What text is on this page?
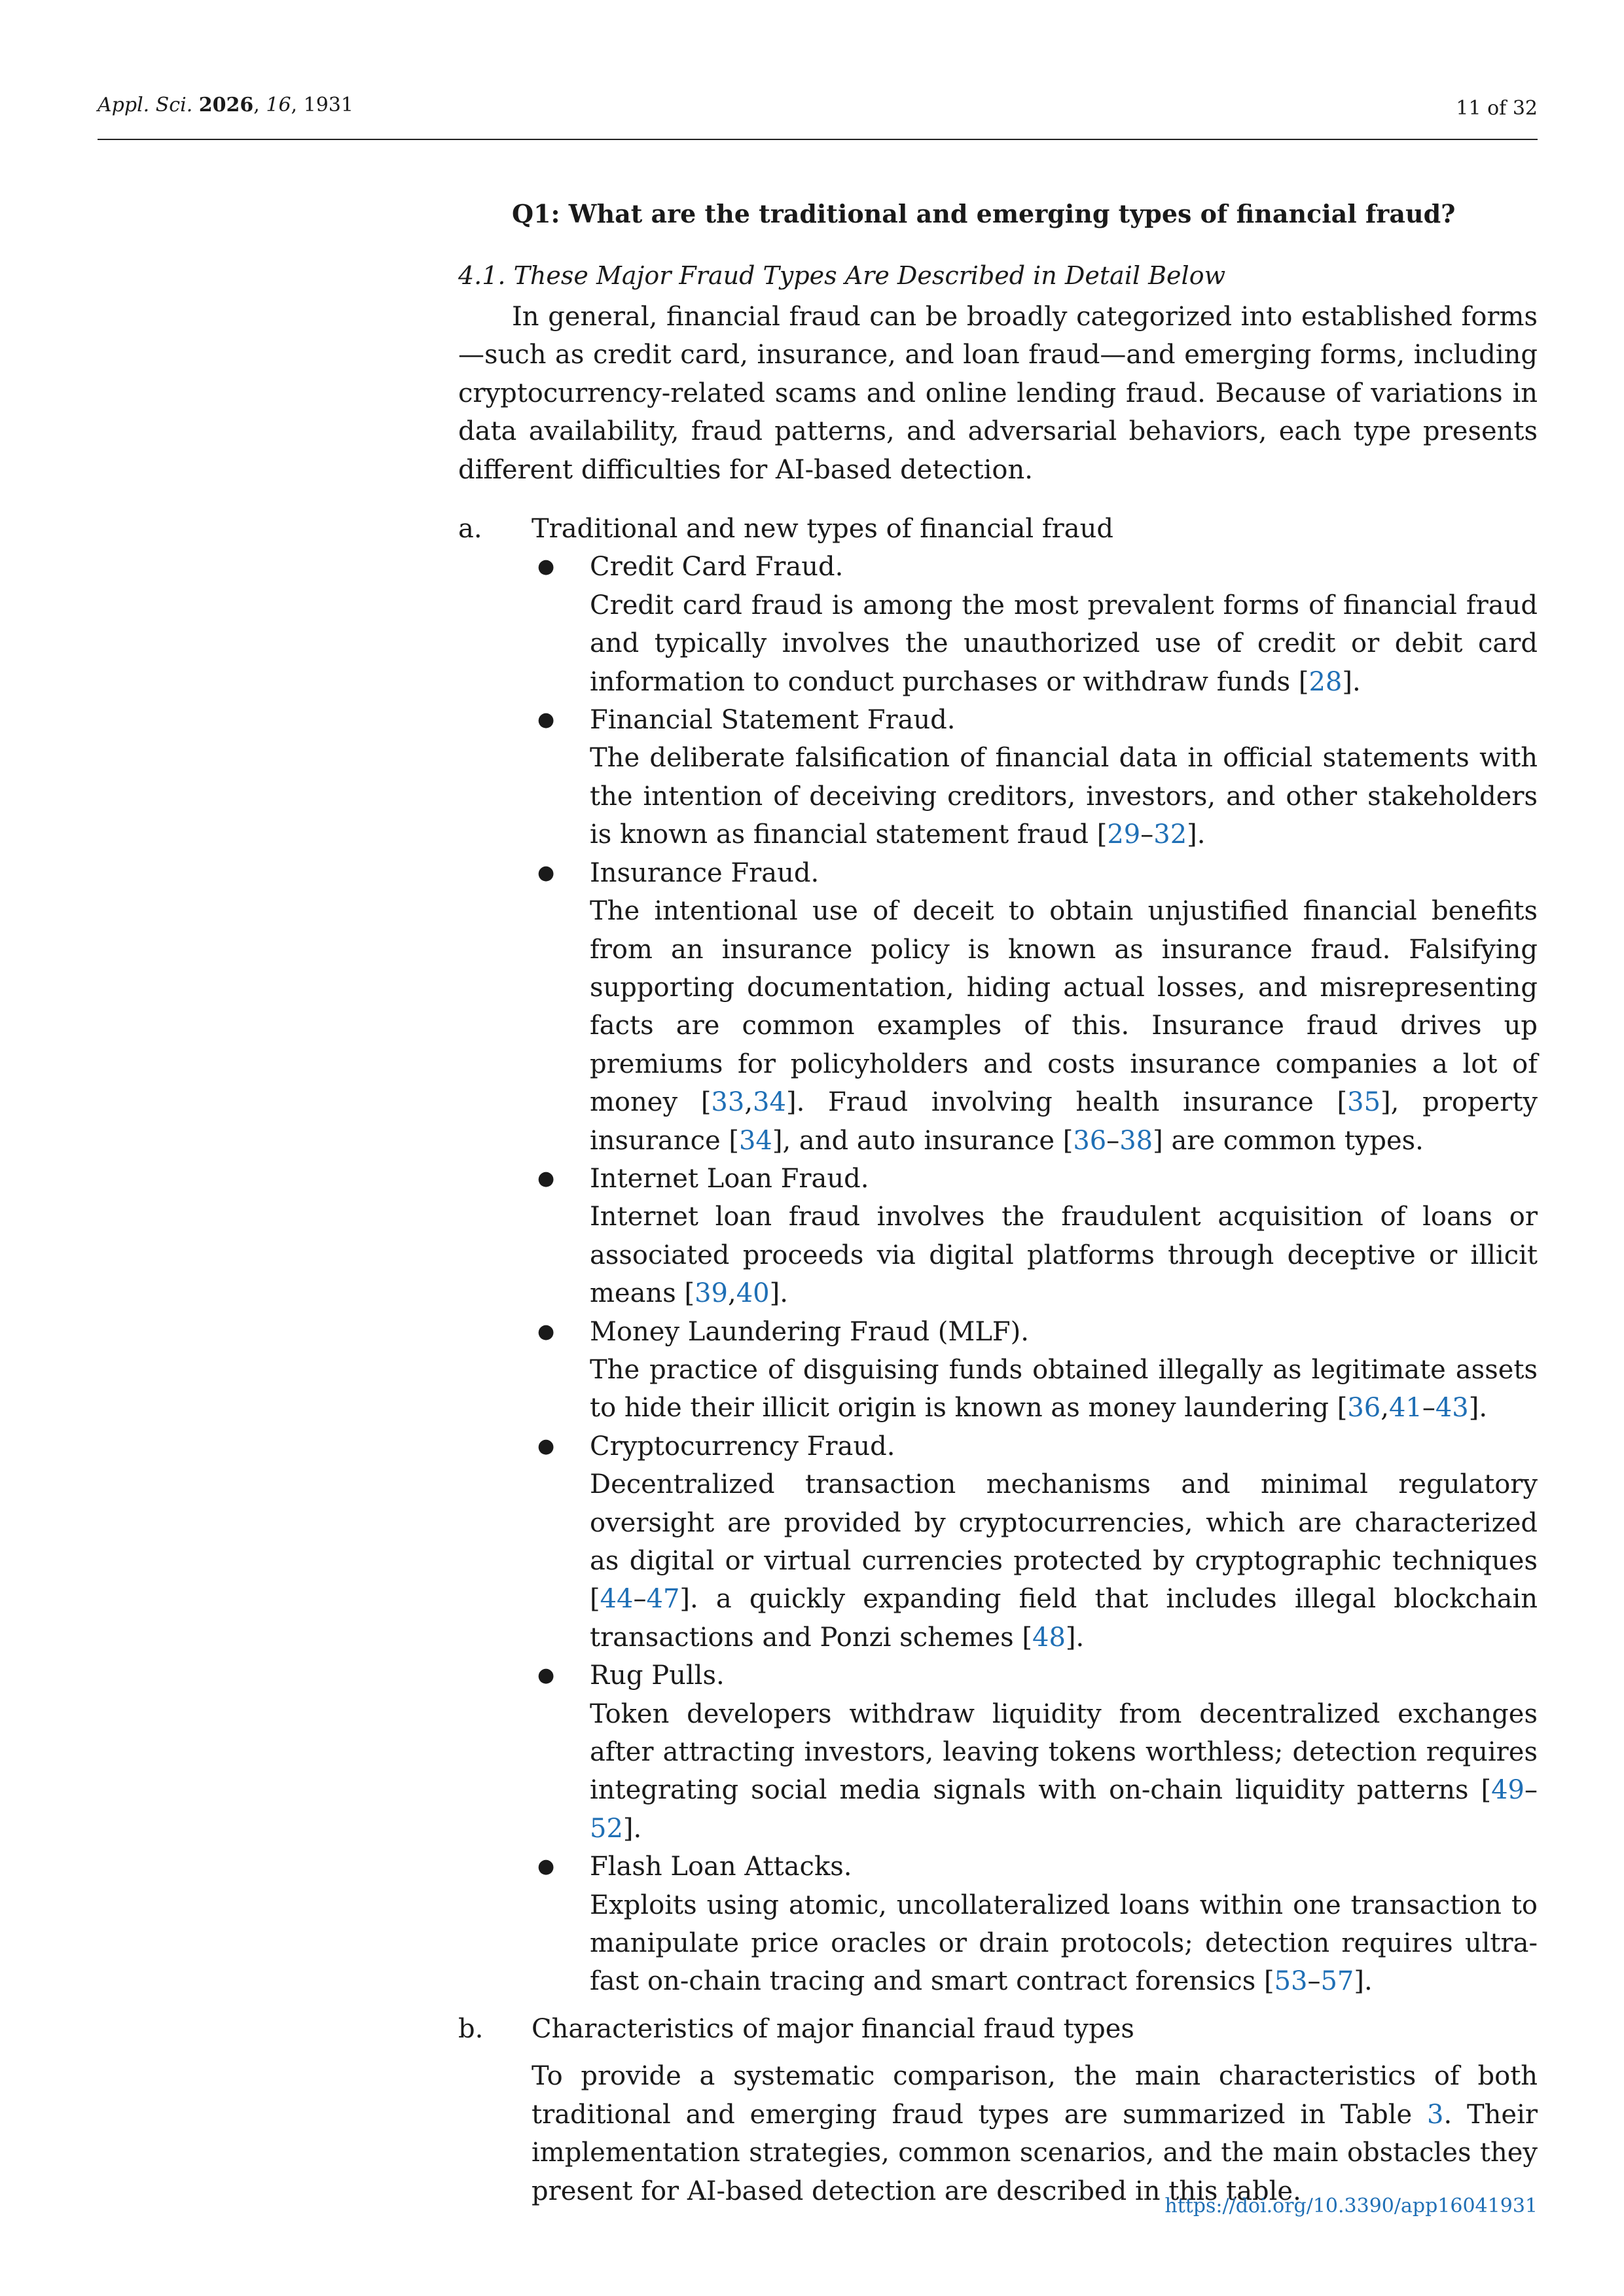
Appl. Sci. 2026, 16, 1931	11 of 32
Q1: What are the traditional and emerging types of financial fraud?
4.1. These Major Fraud Types Are Described in Detail Below

In general, financial fraud can be broadly categorized into established forms—such as credit card, insurance, and loan fraud—and emerging forms, including cryptocurrency-related scams and online lending fraud. Because of variations in data availability, fraud patterns, and adversarial behaviors, each type presents different difficulties for AI-based detection.

a. Traditional and new types of financial fraud
● Credit Card Fraud.
Credit card fraud is among the most prevalent forms of financial fraud and typically involves the unauthorized use of credit or debit card information to conduct purchases or withdraw funds [28].
● Financial Statement Fraud.
The deliberate falsification of financial data in official statements with the intention of deceiving creditors, investors, and other stakeholders is known as financial statement fraud [29–32].
● Insurance Fraud.
The intentional use of deceit to obtain unjustified financial benefits from an insurance policy is known as insurance fraud. Falsifying supporting documentation, hiding actual losses, and misrepresenting facts are common examples of this. Insurance fraud drives up premiums for policyholders and costs insurance companies a lot of money [33,34]. Fraud involving health insurance [35], property insurance [34], and auto insurance [36–38] are common types.
● Internet Loan Fraud.
Internet loan fraud involves the fraudulent acquisition of loans or associated proceeds via digital platforms through deceptive or illicit means [39,40].
● Money Laundering Fraud (MLF).
The practice of disguising funds obtained illegally as legitimate assets to hide their illicit origin is known as money laundering [36,41–43].
● Cryptocurrency Fraud.
Decentralized transaction mechanisms and minimal regulatory oversight are provided by cryptocurrencies, which are characterized as digital or virtual currencies protected by cryptographic techniques [44–47]. a quickly expanding field that includes illegal blockchain transactions and Ponzi schemes [48].
● Rug Pulls.
Token developers withdraw liquidity from decentralized exchanges after attracting investors, leaving tokens worthless; detection requires integrating social media signals with on-chain liquidity patterns [49–52].
● Flash Loan Attacks.
Exploits using atomic, uncollateralized loans within one transaction to manipulate price oracles or drain protocols; detection requires ultra-fast on-chain tracing and smart contract forensics [53–57].
b. Characteristics of major financial fraud types

To provide a systematic comparison, the main characteristics of both traditional and emerging fraud types are summarized in Table 3. Their implementation strategies, common scenarios, and the main obstacles they present for AI-based detection are described in this table.

https://doi.org/10.3390/app16041931
